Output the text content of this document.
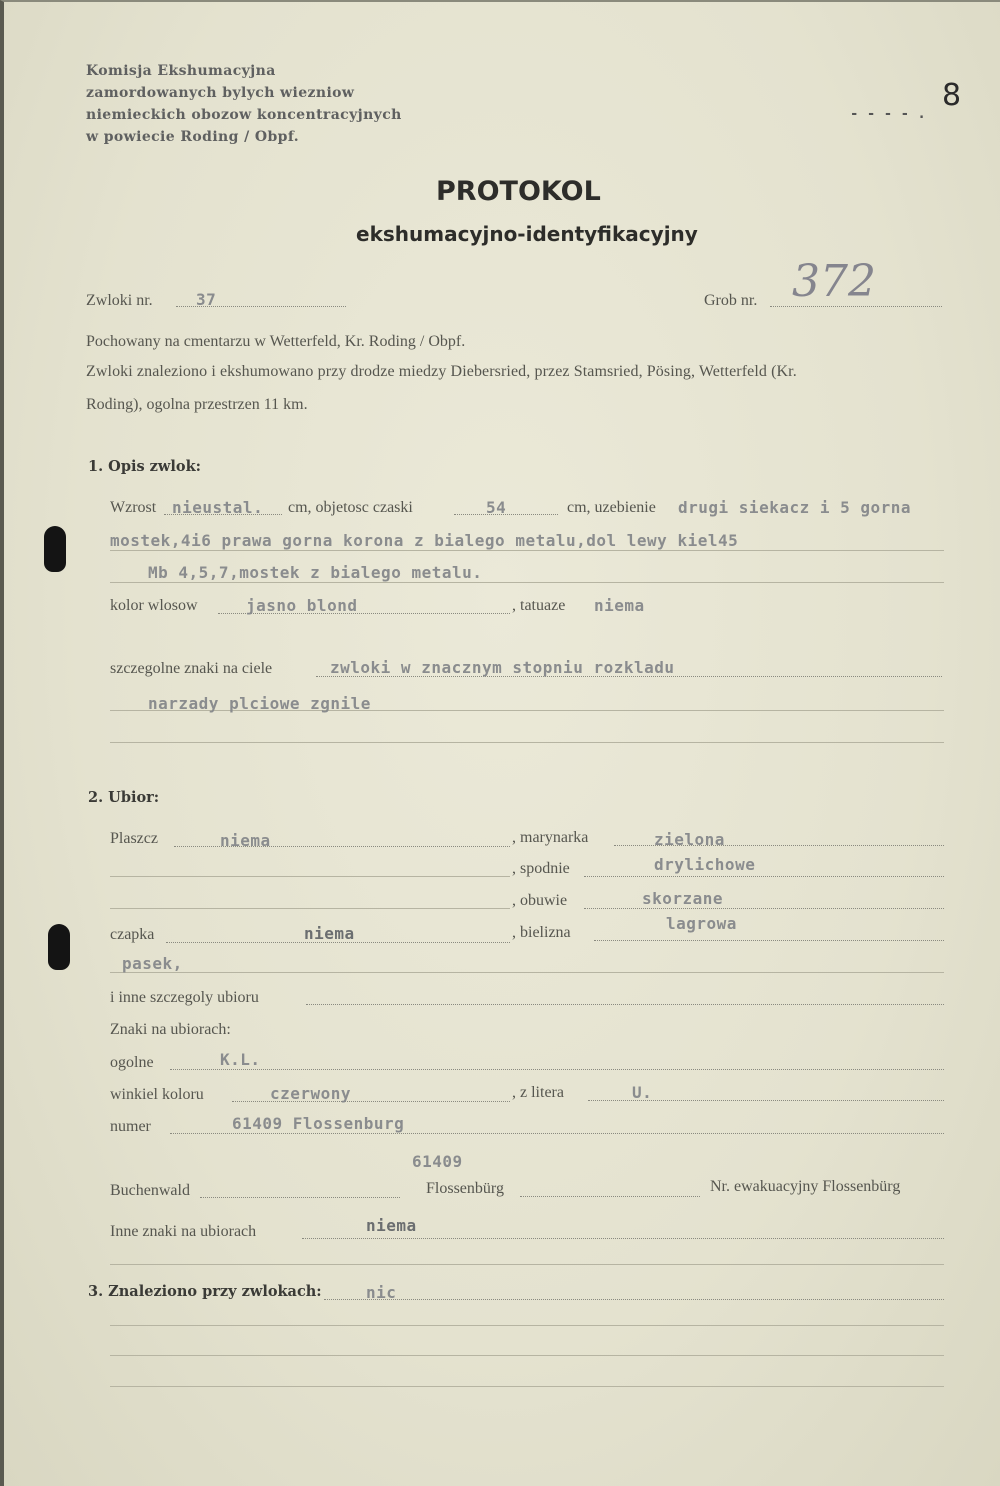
Komisja Ekshumacyjna
zamordowanych bylych wiezniow
niemieckich obozow koncentracyjnych
w powiecie Roding / Obpf.
8
- - - - .
PROTOKOL
ekshumacyjno-identyfikacyjny
Zwloki nr.	37	Grob nr. 372
Pochowany na cmentarzu w Wetterfeld, Kr. Roding / Obpf.
Zwloki znaleziono i ekshumowano przy drodze miedzy Diebersried, przez Stamsried, Pösing, Wetterfeld (Kr.
Roding), ogolna przestrzen 11 km.
1. Opis zwlok:
Wzrost nieustal. cm, objetosc czaski	54	cm, uzebienie drugi siekacz i 5 gorna
mostek,4i6 prawa gorna korona z bialego metalu,dol lewy kiel45
Mb 4,5,7,mostek z bialego metalu.
kolor wlosow	jasno blond	, tatuaze niema
szczegolne znaki na ciele	zwloki w znacznym stopniu rozkladu
narzady plciowe zgnile
2. Ubior:
Plaszcz	niema	, marynarka	zielona
, spodnie	drylichowe
, obuwie	skorzane
czapka	niema	, bielizna	lagrowa
pasek,
i inne szczegoly ubioru
Znaki na ubiorach:
ogolne	K.L.
winkiel koloru	czerwony	, z litera	U.
numer	61409 Flossenburg
61409
Buchenwald	Flossenbürg	Nr. ewakuacyjny Flossenbürg
Inne znaki na ubiorach	niema
3. Znaleziono przy zwlokach:	nic
